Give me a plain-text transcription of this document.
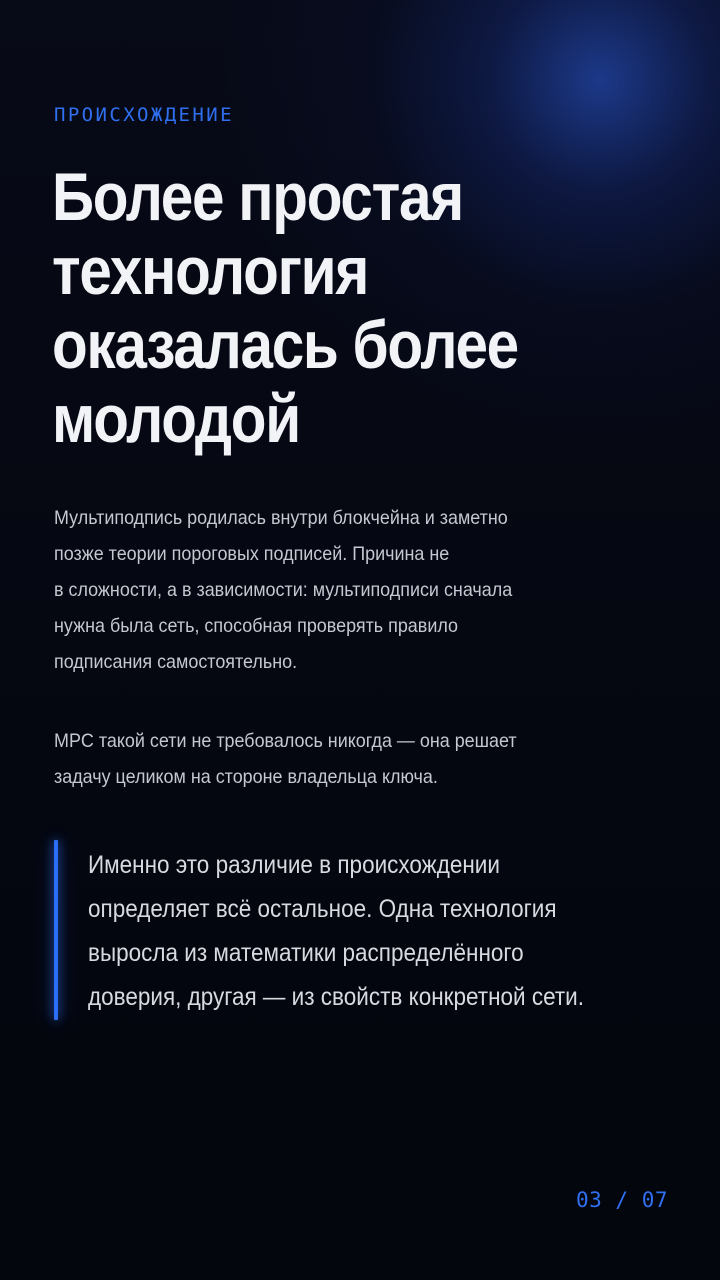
ПРОИСХОЖДЕНИЕ

Более простая
технология
оказалась более
молодой

Мультиподпись родилась внутри блокчейна и заметно
позже теории пороговых подписей. Причина не
в сложности, а в зависимости: мультиподписи сначала
нужна была сеть, способная проверять правило
подписания самостоятельно.

MPC такой сети не требовалось никогда — она решает
задачу целиком на стороне владельца ключа.

Именно это различие в происхождении
определяет всё остальное. Одна технология
выросла из математики распределённого
доверия, другая — из свойств конкретной сети.

03 / 07
